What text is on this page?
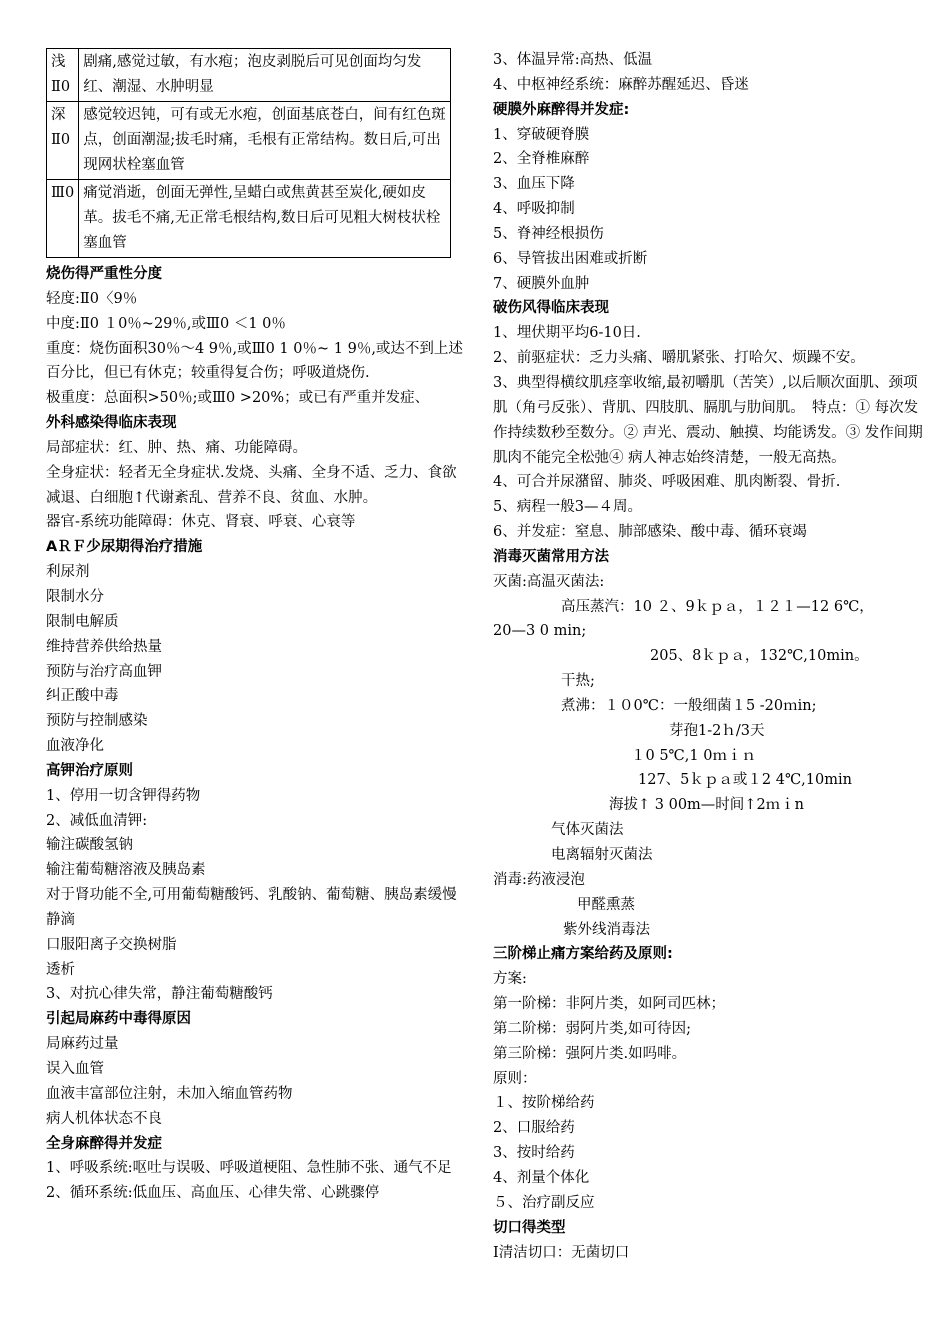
浅Ⅱ0	剧痛,感觉过敏，有水疱；泡皮剥脱后可见创面均匀发红、潮湿、水肿明显
深Ⅱ0	感觉较迟钝，可有或无水疱，创面基底苍白，间有红色斑点，创面潮湿;拔毛时痛，毛根有正常结构。数日后,可出现网状栓塞血管
Ⅲ0	痛觉消逝，创面无弹性,呈蜡白或焦黄甚至炭化,硬如皮革。拔毛不痛,无正常毛根结构,数日后可见粗大树枝状栓塞血管
烧伤得严重性分度
轻度:Ⅱ0〈9％
中度:Ⅱ0 １0％~29％,或Ⅲ0 ＜1 0％
重度：烧伤面积30％～4 9％,或Ⅲ0 1 0％~ 1 9％,或达不到上述百分比，但已有休克；较重得复合伤；呼吸道烧伤.
极重度：总面积>50％;或Ⅲ0 >20%；或已有严重并发症、
外科感染得临床表现
局部症状：红、肿、热、痛、功能障碍。
全身症状：轻者无全身症状.发烧、头痛、全身不适、乏力、食欲减退、白细胞↑代谢紊乱、营养不良、贫血、水肿。
器官-系统功能障碍：休克、肾衰、呼衰、心衰等
AＲＦ少尿期得治疗措施
利尿剂
限制水分
限制电解质
维持营养供给热量
预防与治疗高血钾
纠正酸中毒
预防与控制感染
血液净化
高钾治疗原则
1、停用一切含钾得药物
2、减低血清钾:
输注碳酸氢钠
输注葡萄糖溶液及胰岛素
对于肾功能不全,可用葡萄糖酸钙、乳酸钠、葡萄糖、胰岛素缓慢静滴
口服阳离子交换树脂
透析
3、对抗心律失常，静注葡萄糖酸钙
引起局麻药中毒得原因
局麻药过量
误入血管
血液丰富部位注射，未加入缩血管药物
病人机体状态不良
全身麻醉得并发症
1、呼吸系统:呕吐与误吸、呼吸道梗阻、急性肺不张、通气不足
2、循环系统:低血压、高血压、心律失常、心跳骤停
3、体温异常:高热、低温
4、中枢神经系统：麻醉苏醒延迟、昏迷
硬膜外麻醉得并发症:
1、穿破硬脊膜
2、全脊椎麻醉
3、血压下降
4、呼吸抑制
5、脊神经根损伤
6、导管拔出困难或折断
7、硬膜外血肿
破伤风得临床表现
1、埋伏期平均6-10日.
2、前驱症状：乏力头痛、嚼肌紧张、打哈欠、烦躁不安。
3、典型得横纹肌痉挛收缩,最初嚼肌（苦笑）,以后顺次面肌、颈项肌（角弓反张）、背肌、四肢肌、膈肌与肋间肌。　特点：① 每次发作持续数秒至数分。② 声光、震动、触摸、均能诱发。③ 发作间期肌肉不能完全松弛④ 病人神志始终清楚，一般无高热。
4、可合并尿潴留、肺炎、呼吸困难、肌肉断裂、骨折.
5、病程一般3—４周。
6、并发症：窒息、肺部感染、酸中毒、循环衰竭
消毒灭菌常用方法
灭菌:高温灭菌法:
高压蒸汽：10 ２、9ｋｐａ，１２１—12 6℃，
20—3 0 min;
205、8ｋｐａ，132℃,10min。
干热;
煮沸：１０0℃：一般细菌１5 -20ｍin;
芽孢1-2ｈ/3天
１0 5℃,1 0ｍｉｎ
127、5ｋｐａ或１2 4℃,10min
海拔↑ 3 00m—时间↑2ｍｉn
气体灭菌法
电离辐射灭菌法
消毒:药液浸泡
甲醛熏蒸
紫外线消毒法
三阶梯止痛方案给药及原则:
方案:
第一阶梯：非阿片类，如阿司匹林；
第二阶梯：弱阿片类,如可待因;
第三阶梯：强阿片类.如吗啡。
原则：
１、按阶梯给药
2、口服给药
3、按时给药
4、剂量个体化
５、治疗副反应
切口得类型
I清洁切口：无菌切口
